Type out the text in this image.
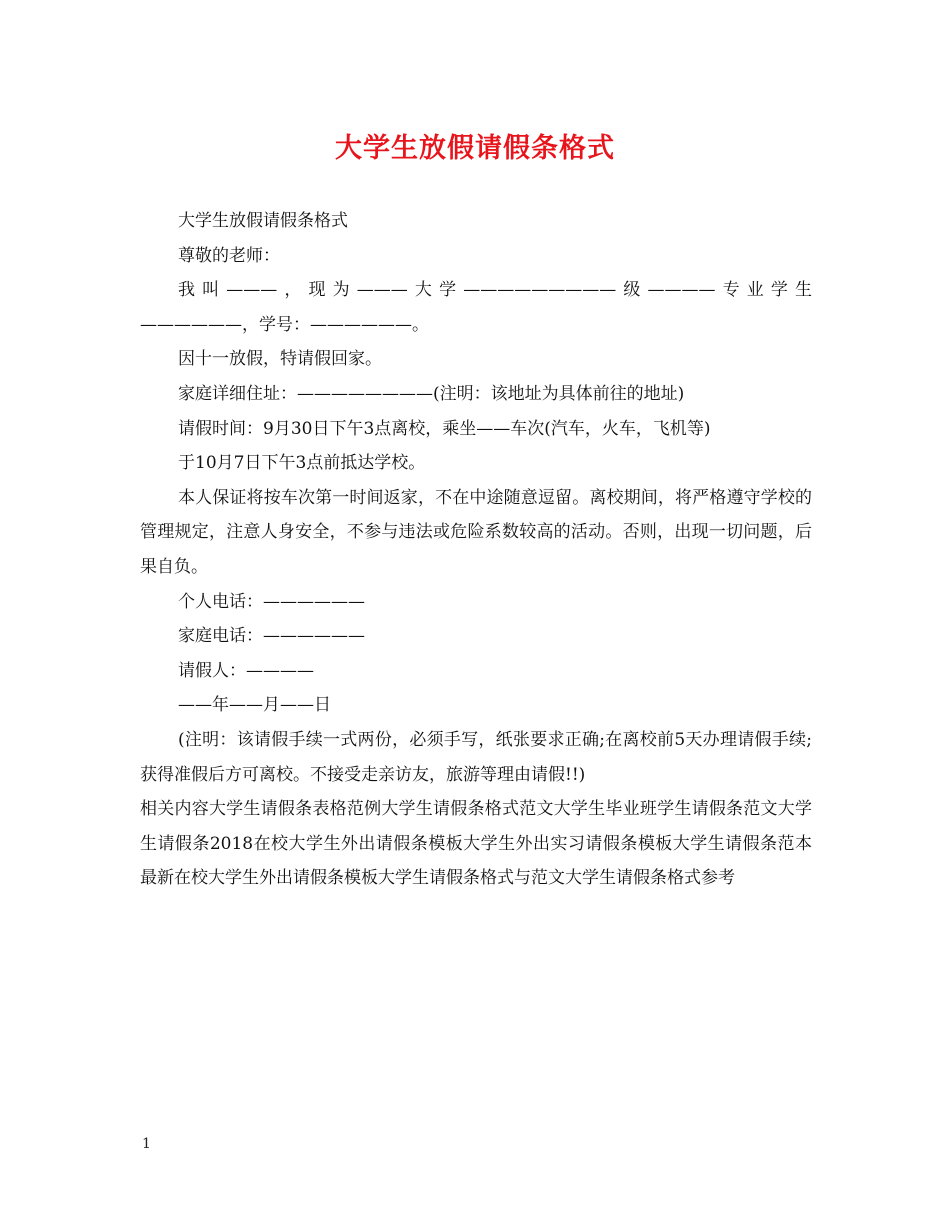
大学生放假请假条格式

大学生放假请假条格式

尊敬的老师：

我叫———，现为———大学—————————级————专业学生——————，学号：——————。

因十一放假，特请假回家。

家庭详细住址：————————(注明：该地址为具体前往的地址)

请假时间：9月30日下午3点离校，乘坐——车次(汽车，火车，飞机等)

于10月7日下午3点前抵达学校。

本人保证将按车次第一时间返家，不在中途随意逗留。离校期间，将严格遵守学校的管理规定，注意人身安全，不参与违法或危险系数较高的活动。否则，出现一切问题，后果自负。

个人电话：——————

家庭电话：——————

请假人：————

——年——月——日

(注明：该请假手续一式两份，必须手写，纸张要求正确;在离校前5天办理请假手续;获得准假后方可离校。不接受走亲访友，旅游等理由请假!!)

相关内容大学生请假条表格范例大学生请假条格式范文大学生毕业班学生请假条范文大学生请假条2018在校大学生外出请假条模板大学生外出实习请假条模板大学生请假条范本最新在校大学生外出请假条模板大学生请假条格式与范文大学生请假条格式参考

1
